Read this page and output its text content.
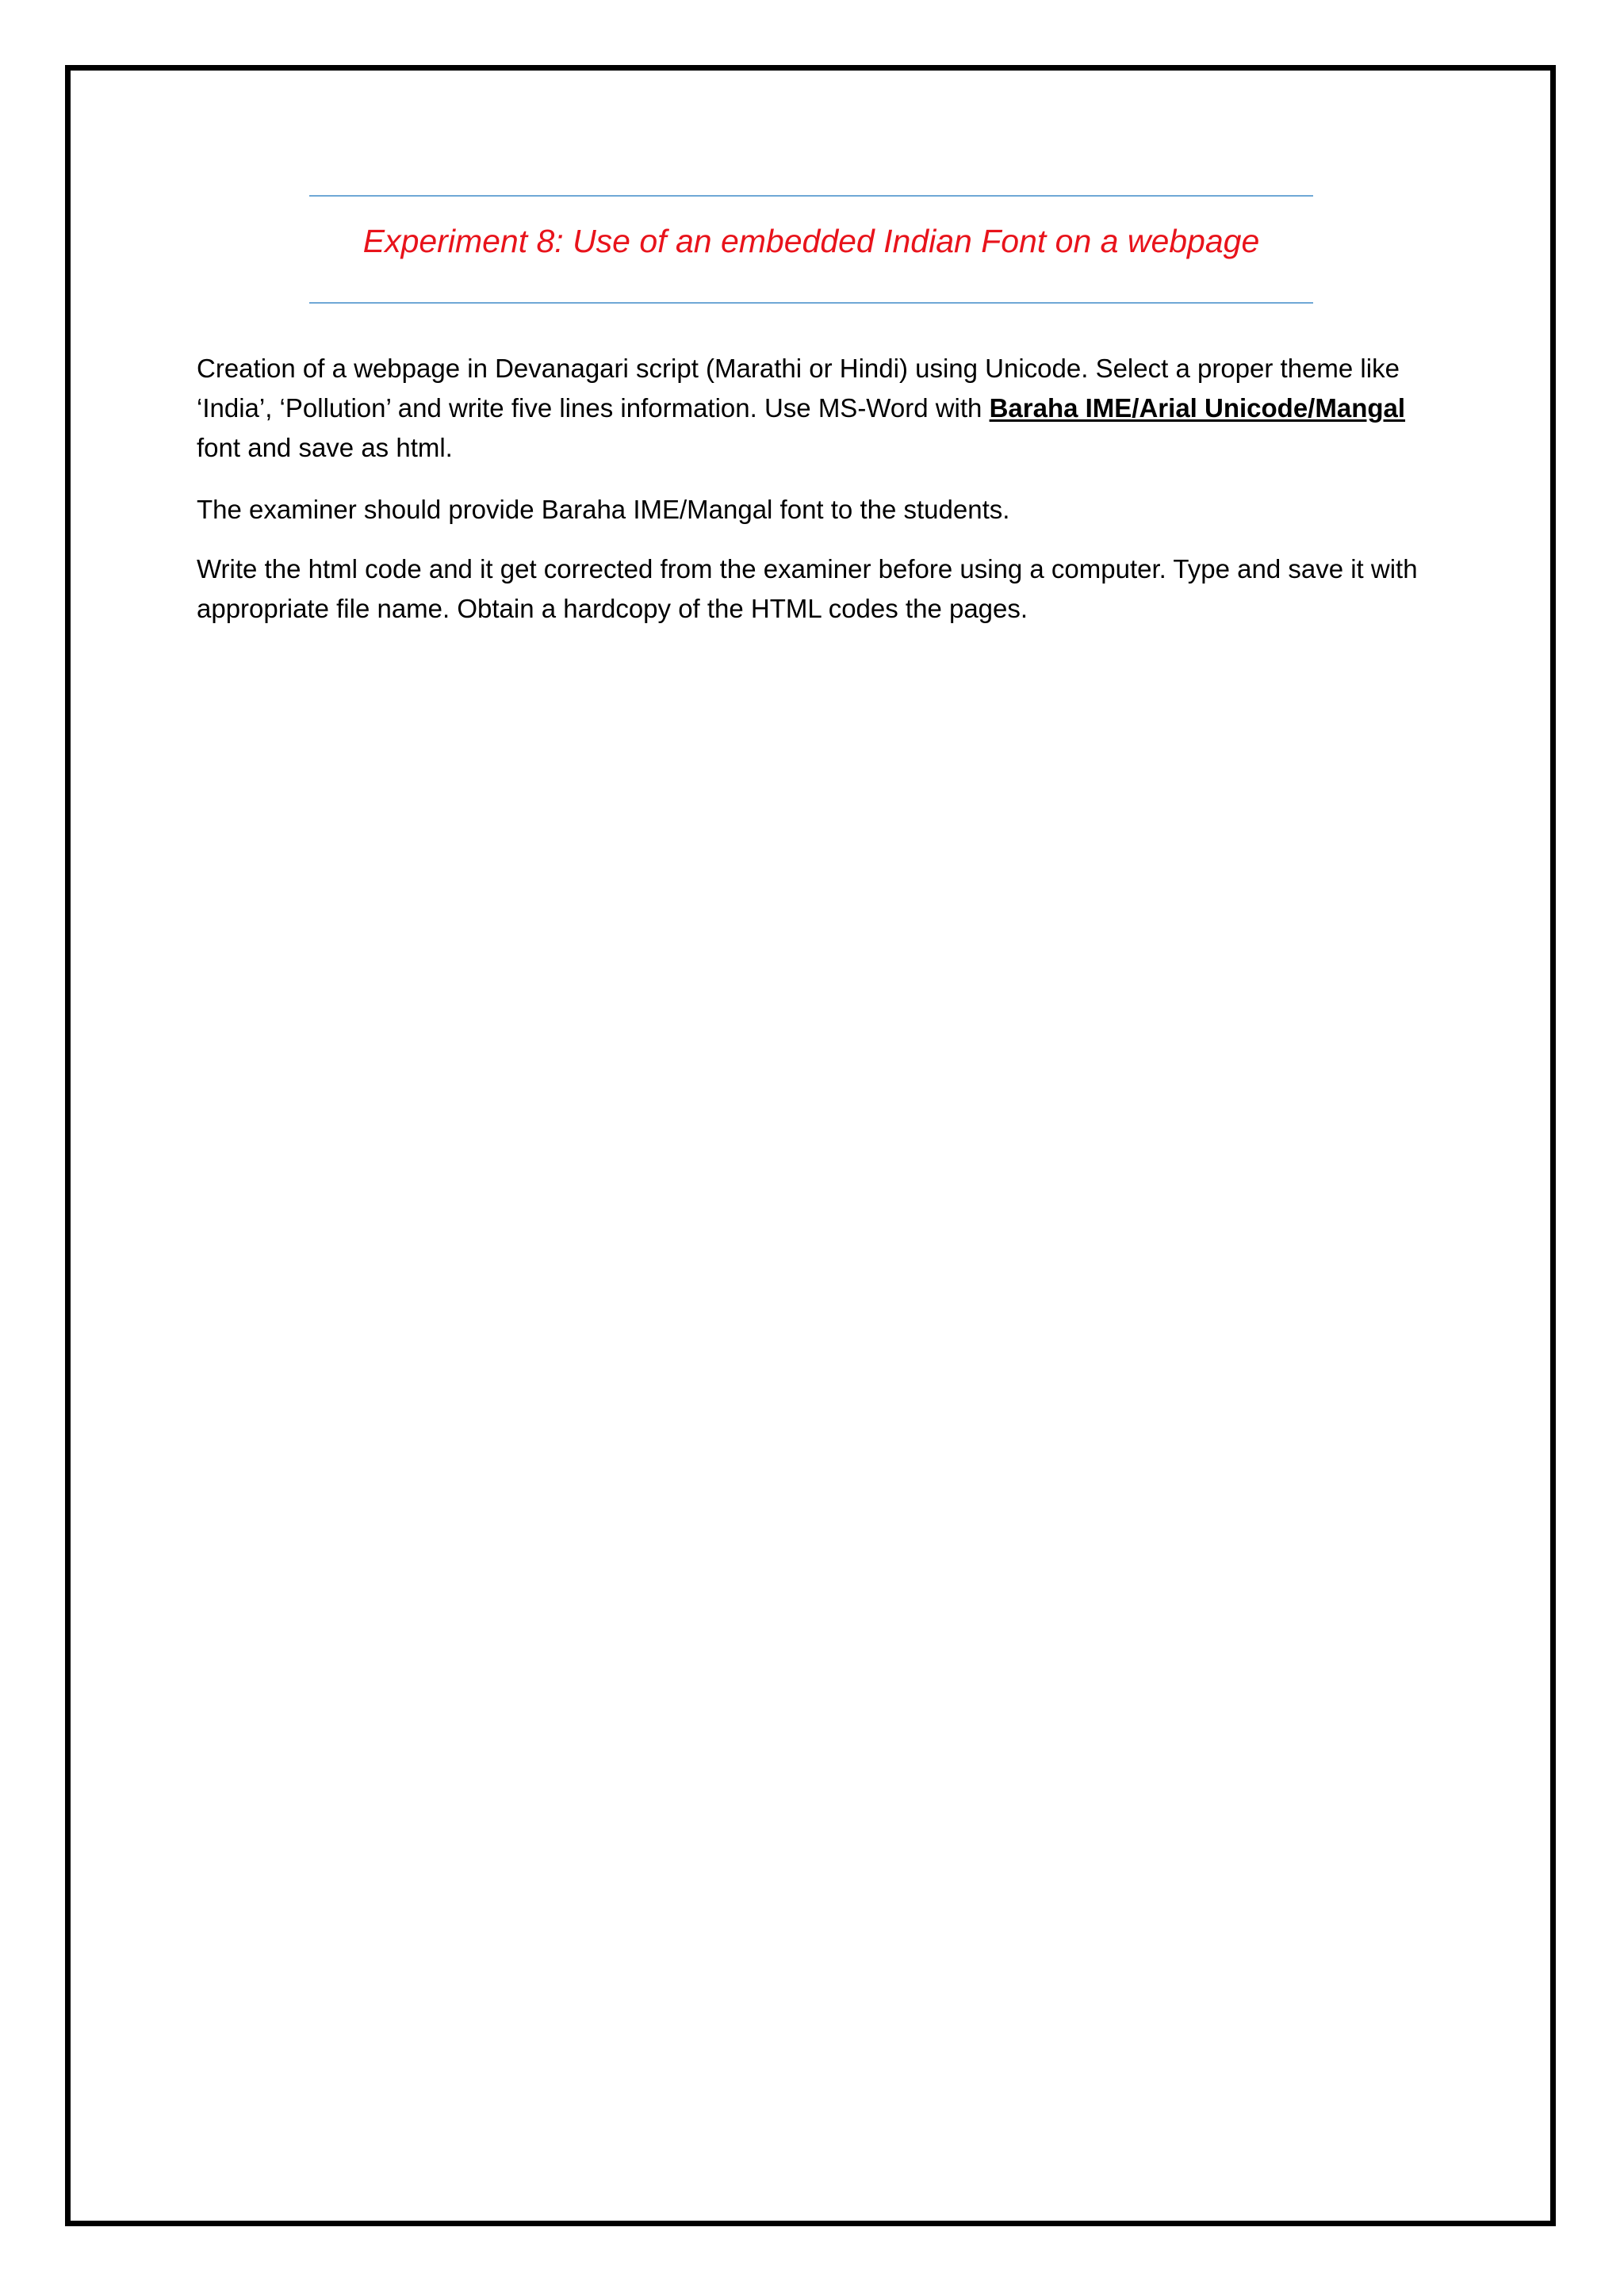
Experiment 8: Use of an embedded Indian Font on a webpage

Creation of a webpage in Devanagari script (Marathi or Hindi) using Unicode. Select a proper theme like ‘India’, ‘Pollution’ and write five lines information. Use MS-Word with Baraha IME/Arial Unicode/Mangal font and save as html.

The examiner should provide Baraha IME/Mangal font to the students.

Write the html code and it get corrected from the examiner before using a computer. Type and save it with appropriate file name. Obtain a hardcopy of the HTML codes the pages.
